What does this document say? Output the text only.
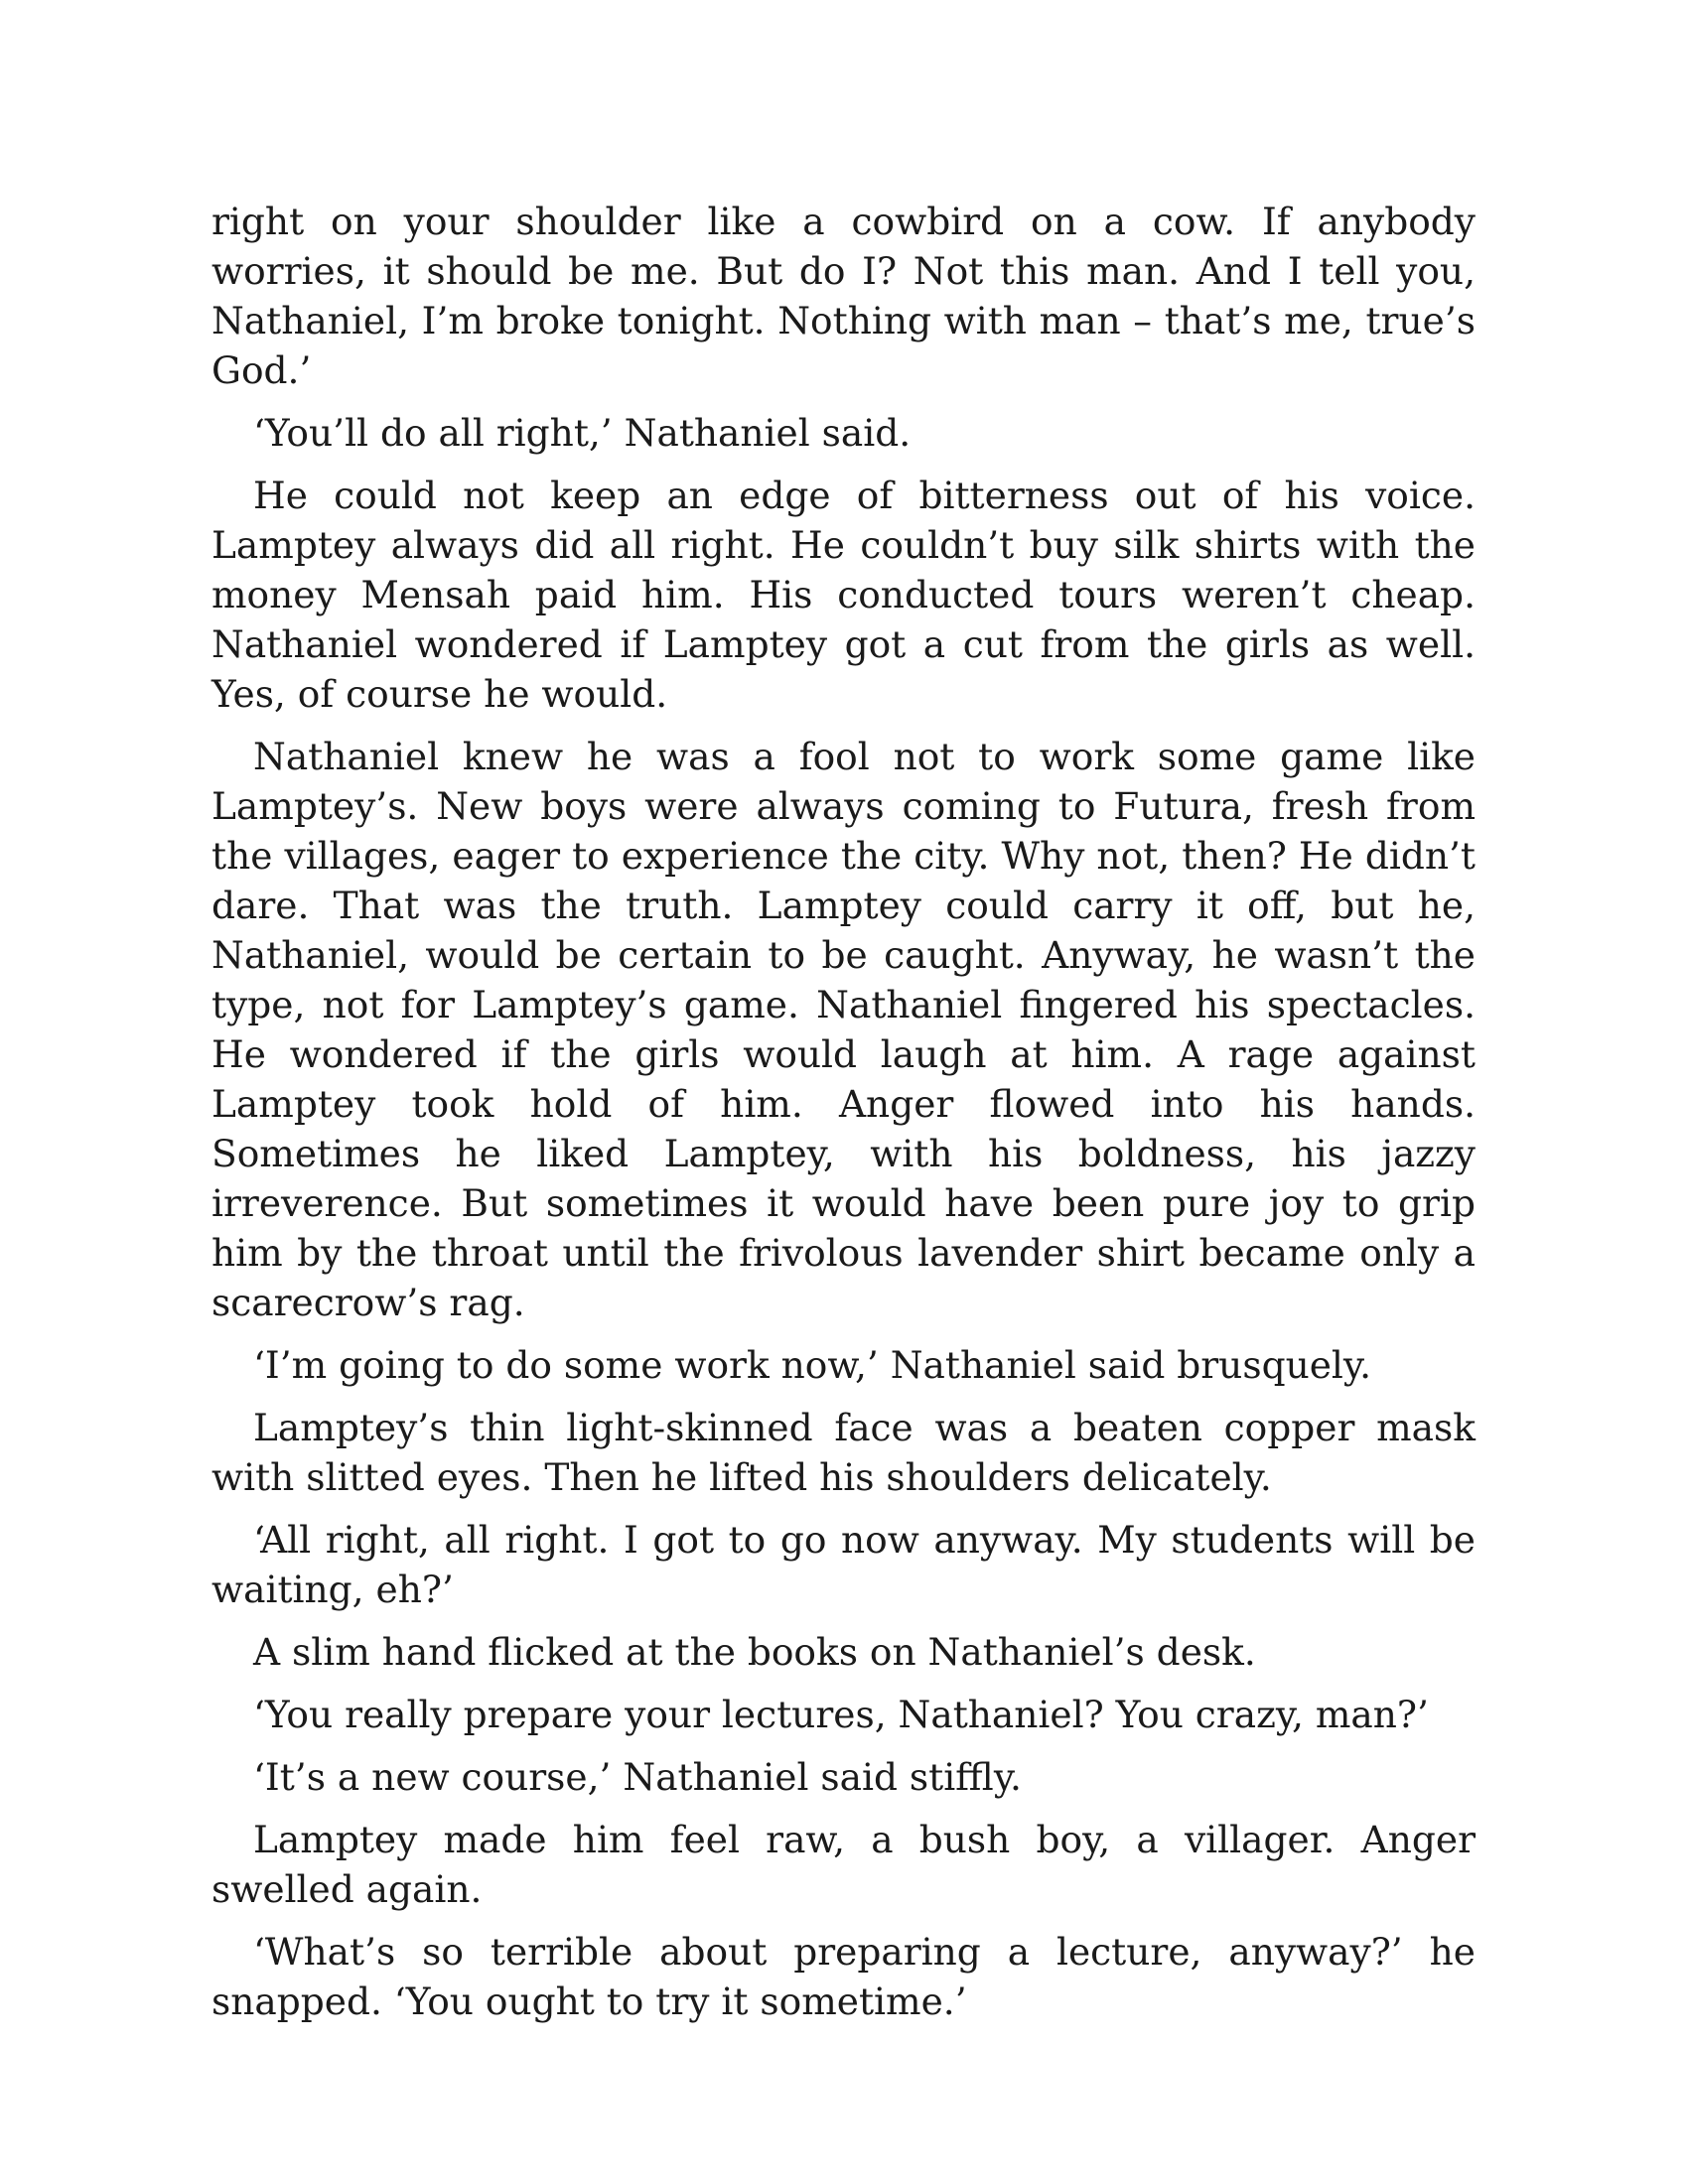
right on your shoulder like a cowbird on a cow. If anybody worries, it should be me. But do I? Not this man. And I tell you, Nathaniel, I’m broke tonight. Nothing with man – that’s me, true’s God.’

‘You’ll do all right,’ Nathaniel said.

He could not keep an edge of bitterness out of his voice. Lamptey always did all right. He couldn’t buy silk shirts with the money Mensah paid him. His conducted tours weren’t cheap. Nathaniel wondered if Lamptey got a cut from the girls as well. Yes, of course he would.

Nathaniel knew he was a fool not to work some game like Lamptey’s. New boys were always coming to Futura, fresh from the villages, eager to experience the city. Why not, then? He didn’t dare. That was the truth. Lamptey could carry it off, but he, Nathaniel, would be certain to be caught. Anyway, he wasn’t the type, not for Lamptey’s game. Nathaniel fingered his spectacles. He wondered if the girls would laugh at him. A rage against Lamptey took hold of him. Anger flowed into his hands. Sometimes he liked Lamptey, with his boldness, his jazzy irreverence. But sometimes it would have been pure joy to grip him by the throat until the frivolous lavender shirt became only a scarecrow’s rag.

‘I’m going to do some work now,’ Nathaniel said brusquely.

Lamptey’s thin light-skinned face was a beaten copper mask with slitted eyes. Then he lifted his shoulders delicately.

‘All right, all right. I got to go now anyway. My students will be waiting, eh?’

A slim hand flicked at the books on Nathaniel’s desk.

‘You really prepare your lectures, Nathaniel? You crazy, man?’

‘It’s a new course,’ Nathaniel said stiffly.

Lamptey made him feel raw, a bush boy, a villager. Anger swelled again.

‘What’s so terrible about preparing a lecture, anyway?’ he snapped. ‘You ought to try it sometime.’
